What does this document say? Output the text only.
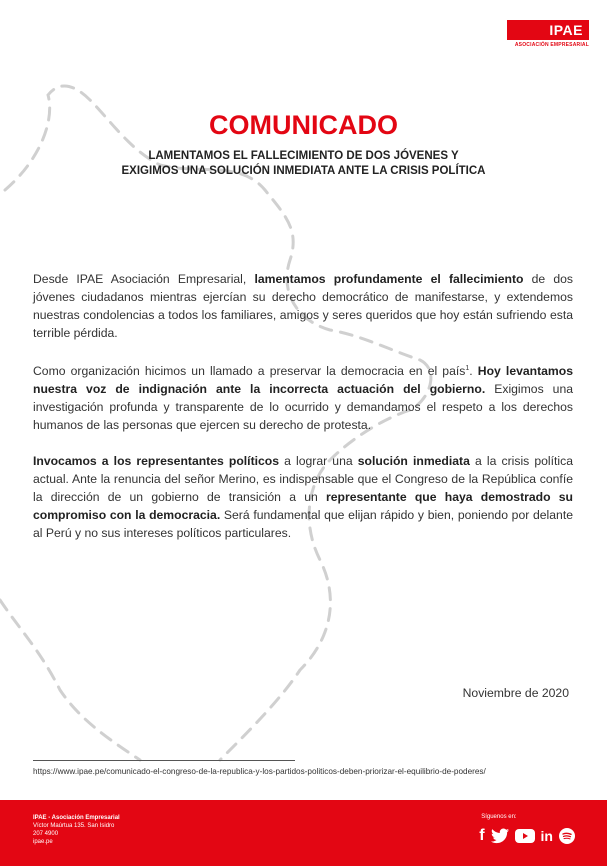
IPAE
ASOCIACIÓN EMPRESARIAL
COMUNICADO
LAMENTAMOS EL FALLECIMIENTO DE DOS JÓVENES Y
EXIGIMOS UNA SOLUCIÓN INMEDIATA ANTE LA CRISIS POLÍTICA

Desde IPAE Asociación Empresarial, lamentamos profundamente el fallecimiento de dos jóvenes ciudadanos mientras ejercían su derecho democrático de manifestarse, y extendemos nuestras condolencias a todos los familiares, amigos y seres queridos que hoy están sufriendo esta terrible pérdida.

Como organización hicimos un llamado a preservar la democracia en el país$^1$. Hoy levantamos nuestra voz de indignación ante la incorrecta actuación del gobierno. Exigimos una investigación profunda y transparente de lo ocurrido y demandamos el respeto a los derechos humanos de las personas que ejercen su derecho de protesta.

Invocamos a los representantes políticos a lograr una solución inmediata a la crisis política actual. Ante la renuncia del señor Merino, es indispensable que el Congreso de la República confíe la dirección de un gobierno de transición a un representante que haya demostrado su compromiso con la democracia. Será fundamental que elijan rápido y bien, poniendo por delante al Perú y no sus intereses políticos particulares.

Noviembre de 2020
https://www.ipae.pe/comunicado-el-congreso-de-la-republica-y-los-partidos-politicos-deben-priorizar-el-equilibrio-de-poderes/
IPAE - Asociación Empresarial
Víctor Maúrtua 135. San Isidro
207 4900
ipae.pe
Síguenos en:
f	in
